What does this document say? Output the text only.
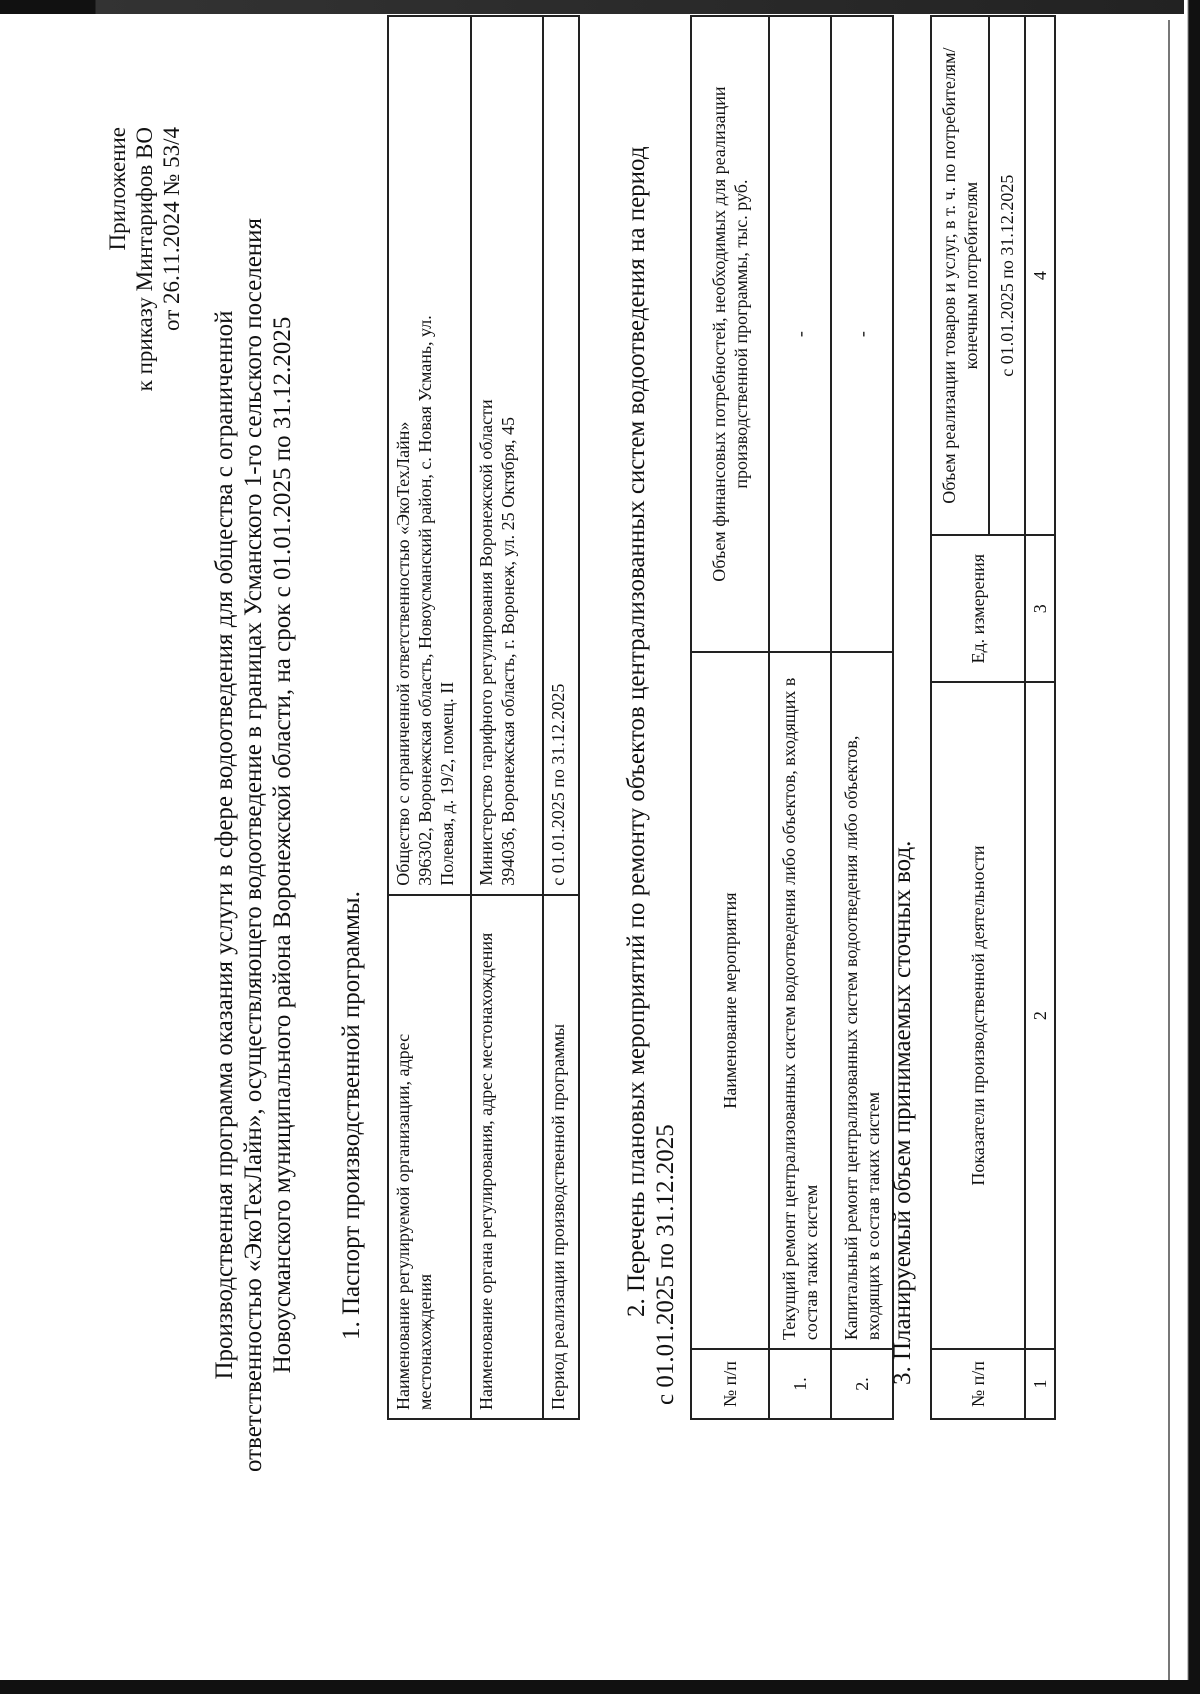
Приложение к приказу Минтарифов ВО от 26.11.2024 № 53/4
Производственная программа оказания услуги в сфере водоотведения для общества с ограниченной ответственностью «ЭкоТехЛайн», осуществляющего водоотведение в границах Усманского 1-го сельского поселения Новоусманского муниципального района Воронежской области, на срок с 01.01.2025 по 31.12.2025 1. Паспорт производственной программы. Наименование регулируемой организации, адрес местонахождения	Общество с ограниченной ответственностью «ЭкоТехЛайн» 396302, Воронежская область, Новоусманский район, с. Новая Усмань, ул. Полевая, д. 19/2, помещ. II

Наименование органа регулирования, адрес местонахождения	Министерство тарифного регулирования Воронежской области 394036, Воронежская область, г. Воронеж, ул. 25 Октября, 45

Период реализации производственной программы	с 01.01.2025 по 31.12.2025 2. Перечень плановых мероприятий по ремонту объектов централизованных систем водоотведения на период с 01.01.2025 по 31.12.2025 № п/п	Наименование мероприятия	Объем финансовых потребностей, необходимых для реализации производственной программы, тыс. руб.
1.	Текущий ремонт централизованных систем водоотведения либо объектов, входящих в состав таких систем	-
2.	Капитальный ремонт централизованных систем водоотведения либо объектов, входящих в состав таких систем	-
3. Планируемый объем принимаемых сточных вод.	№ п/п	Показатели производственной деятельности	Ед. измерения	Объем реализации товаров и услуг, в т. ч. по потребителям/ конечным потребителям
			с 01.01.2025 по 31.12.2025
1	2	3	4
